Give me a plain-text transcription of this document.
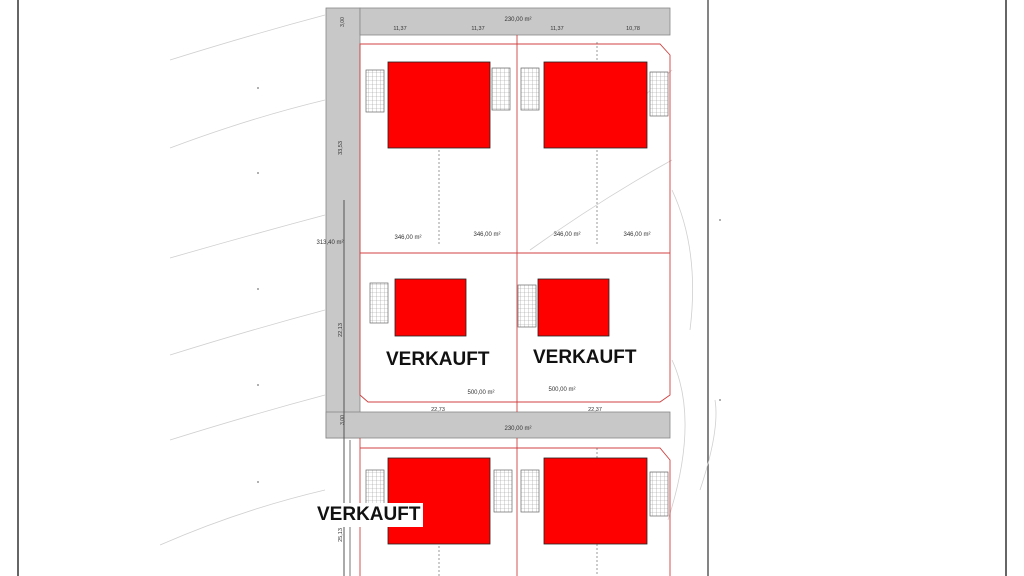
230,00 m²
230,00 m²
313,40 m²
3,00
3,00
11,37	11,37	11,37	10,78
22,73	22,37
33,53
22,13
25,13
346,00 m²	346,00 m²	346,00 m²	346,00 m²
500,00 m²	500,00 m²
VERKAUFT VERKAUFT
VERKAUFT
